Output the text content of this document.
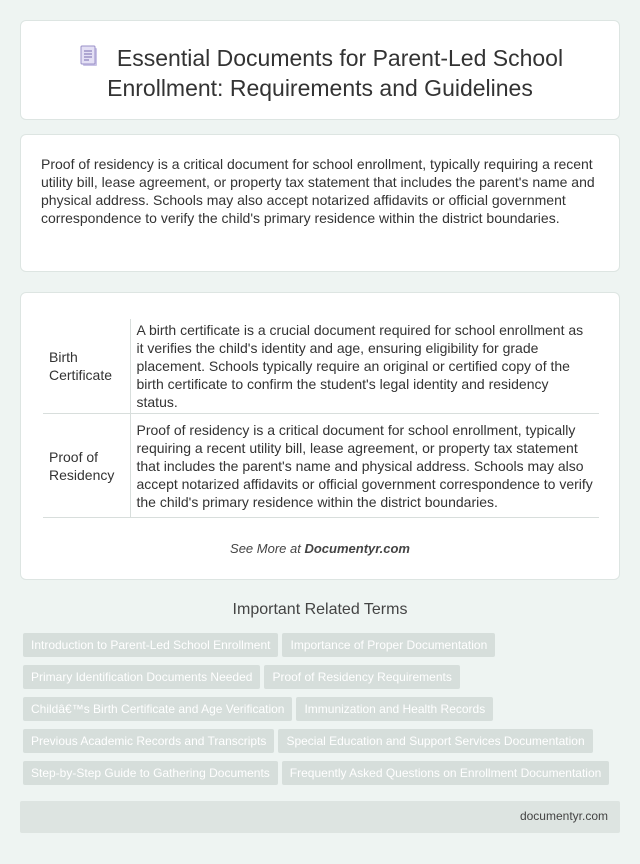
Essential Documents for Parent-Led School Enrollment: Requirements and Guidelines

Proof of residency is a critical document for school enrollment, typically requiring a recent utility bill, lease agreement, or property tax statement that includes the parent's name and physical address. Schools may also accept notarized affidavits or official government correspondence to verify the child's primary residence within the district boundaries.

Birth Certificate	A birth certificate is a crucial document required for school enrollment as it verifies the child's identity and age, ensuring eligibility for grade placement. Schools typically require an original or certified copy of the birth certificate to confirm the student's legal identity and residency status.
Proof of Residency	Proof of residency is a critical document for school enrollment, typically requiring a recent utility bill, lease agreement, or property tax statement that includes the parent's name and physical address. Schools may also accept notarized affidavits or official government correspondence to verify the child's primary residence within the district boundaries.
See More at Documentyr.com
Important Related Terms
Introduction to Parent-Led School Enrollment Importance of Proper Documentation
Primary Identification Documents Needed Proof of Residency Requirements
Childâ€™s Birth Certificate and Age Verification Immunization and Health Records
Previous Academic Records and Transcripts Special Education and Support Services Documentation
Step-by-Step Guide to Gathering Documents Frequently Asked Questions on Enrollment Documentation
documentyr.com
